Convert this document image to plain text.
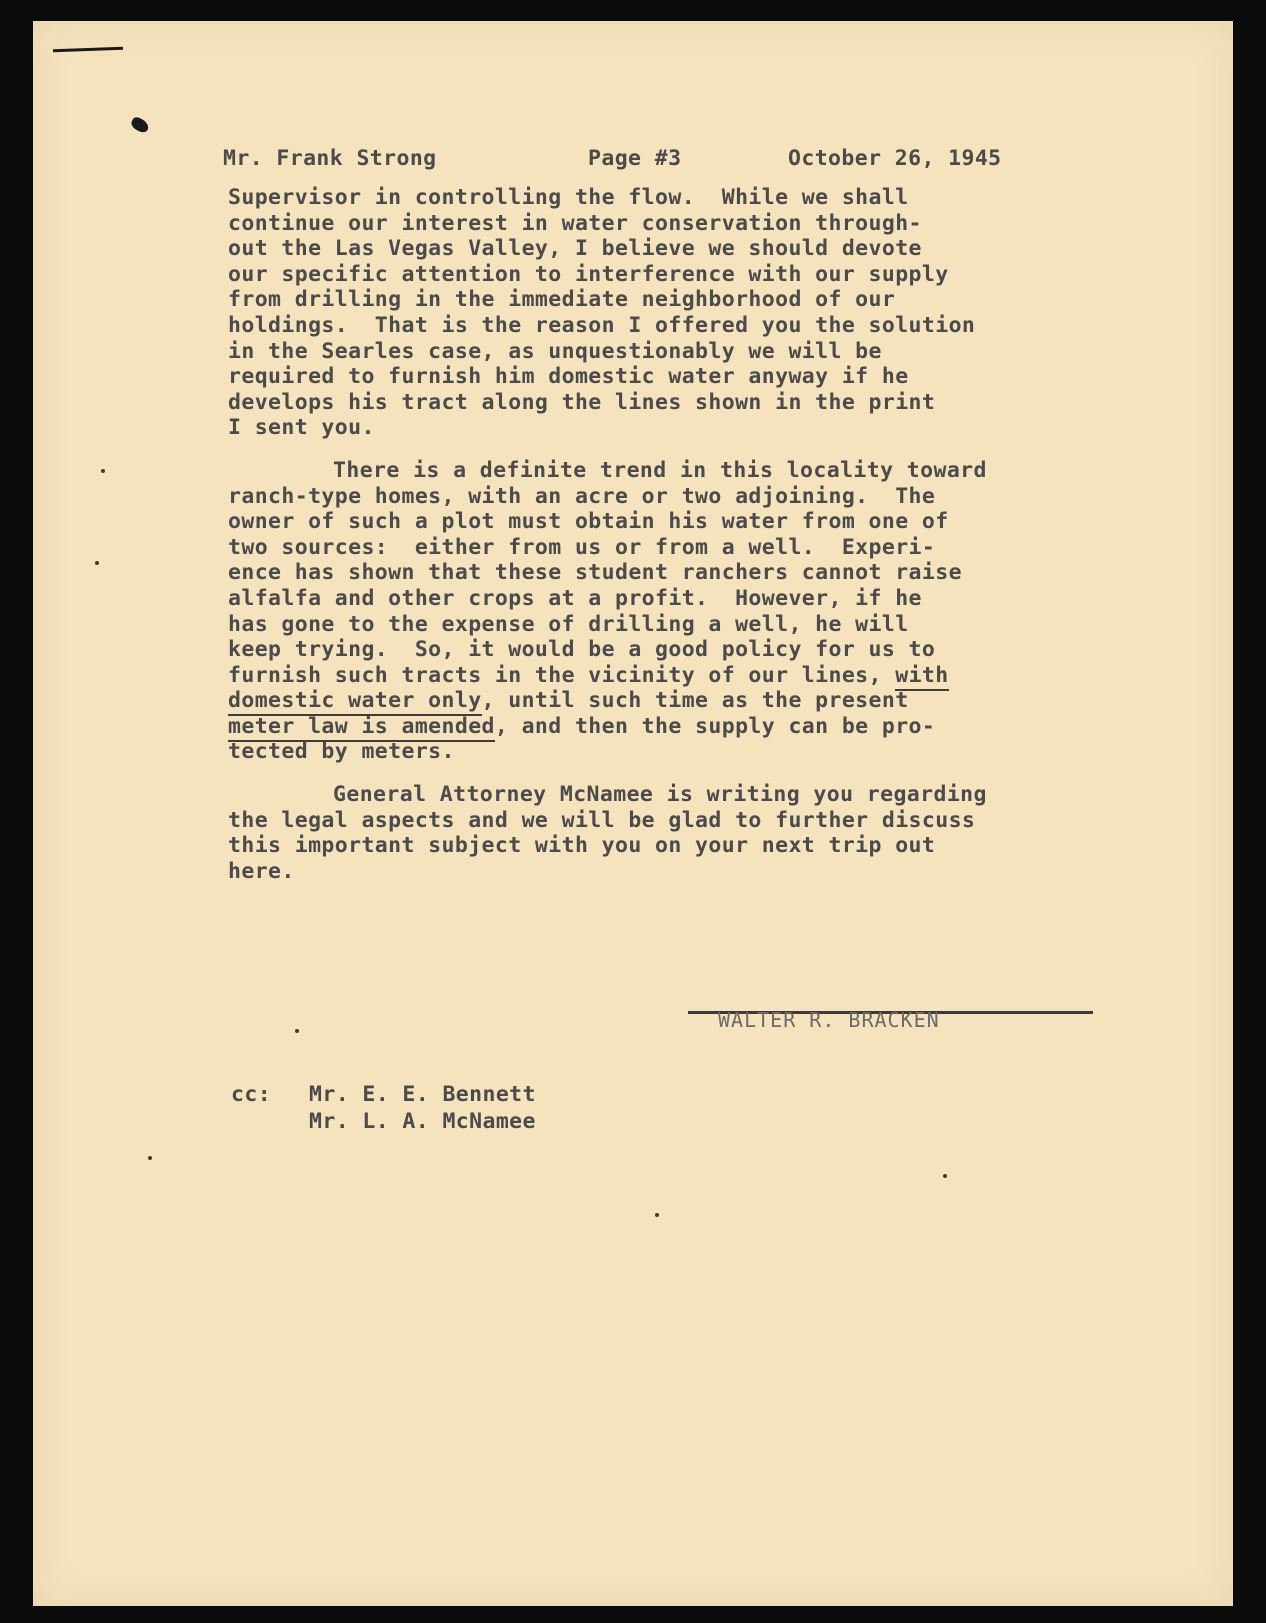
Mr. Frank Strong	Page #3	October 26, 1945
Supervisor in controlling the flow.  While we shall
continue our interest in water conservation through-
out the Las Vegas Valley, I believe we should devote
our specific attention to interference with our supply
from drilling in the immediate neighborhood of our
holdings.  That is the reason I offered you the solution
in the Searles case, as unquestionably we will be
required to furnish him domestic water anyway if he
develops his tract along the lines shown in the print
I sent you.
There is a definite trend in this locality toward
ranch-type homes, with an acre or two adjoining.  The
owner of such a plot must obtain his water from one of
two sources:  either from us or from a well.  Experi-
ence has shown that these student ranchers cannot raise
alfalfa and other crops at a profit.  However, if he
has gone to the expense of drilling a well, he will
keep trying.  So, it would be a good policy for us to
furnish such tracts in the vicinity of our lines, with
domestic water only, until such time as the present
meter law is amended, and then the supply can be pro-
tected by meters.
General Attorney McNamee is writing you regarding
the legal aspects and we will be glad to further discuss
this important subject with you on your next trip out
here.
WALTER R. BRACKEN
cc: Mr. E. E. Bennett
Mr. L. A. McNamee
